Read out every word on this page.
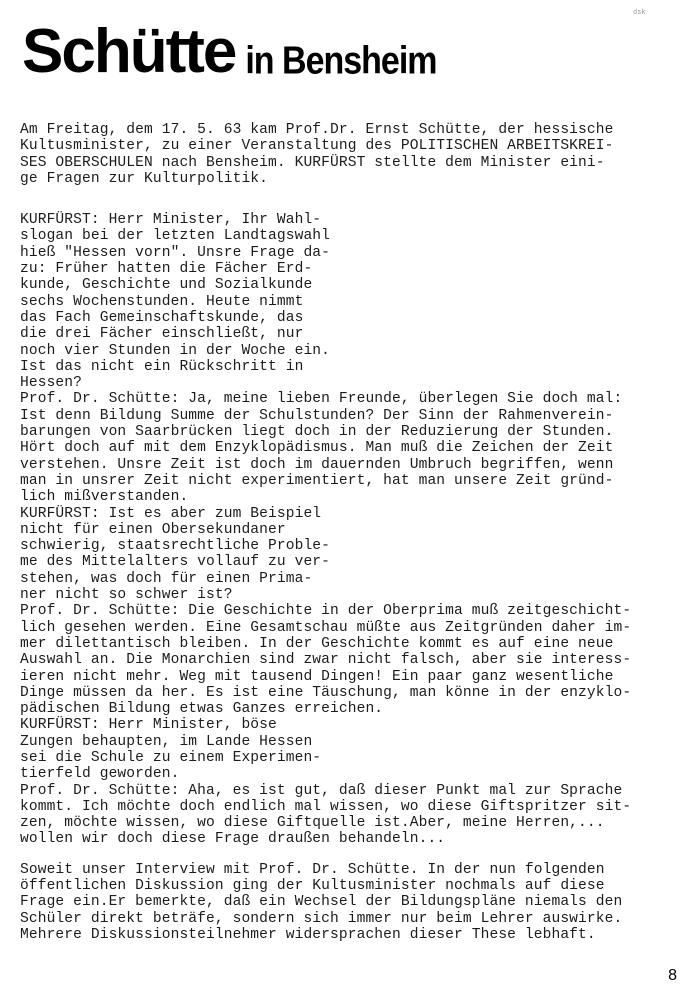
Schütte in Bensheim
dsk
Am Freitag, dem 17. 5. 63 kam Prof.Dr. Ernst Schütte, der hessische
Kultusminister, zu einer Veranstaltung des POLITISCHEN ARBEITSKREI-
SES OBERSCHULEN nach Bensheim. KURFÜRST stellte dem Minister eini-
ge Fragen zur Kulturpolitik.
KURFÜRST: Herr Minister, Ihr Wahl-
slogan bei der letzten Landtagswahl
hieß "Hessen vorn". Unsre Frage da-
zu: Früher hatten die Fächer Erd-
kunde, Geschichte und Sozialkunde
sechs Wochenstunden. Heute nimmt
das Fach Gemeinschaftskunde, das
die drei Fächer einschließt, nur
noch vier Stunden in der Woche ein.
Ist das nicht ein Rückschritt in
Hessen?
Prof. Dr. Schütte: Ja, meine lieben Freunde, überlegen Sie doch mal:
Ist denn Bildung Summe der Schulstunden? Der Sinn der Rahmenverein-
barungen von Saarbrücken liegt doch in der Reduzierung der Stunden.
Hört doch auf mit dem Enzyklopädismus. Man muß die Zeichen der Zeit
verstehen. Unsre Zeit ist doch im dauernden Umbruch begriffen, wenn
man in unsrer Zeit nicht experimentiert, hat man unsere Zeit gründ-
lich mißverstanden.
KURFÜRST: Ist es aber zum Beispiel
nicht für einen Obersekundaner
schwierig, staatsrechtliche Proble-
me des Mittelalters vollauf zu ver-
stehen, was doch für einen Prima-
ner nicht so schwer ist?
Prof. Dr. Schütte: Die Geschichte in der Oberprima muß zeitgeschicht-
lich gesehen werden. Eine Gesamtschau müßte aus Zeitgründen daher im-
mer dilettantisch bleiben. In der Geschichte kommt es auf eine neue
Auswahl an. Die Monarchien sind zwar nicht falsch, aber sie interess-
ieren nicht mehr. Weg mit tausend Dingen! Ein paar ganz wesentliche
Dinge müssen da her. Es ist eine Täuschung, man könne in der enzyklo-
pädischen Bildung etwas Ganzes erreichen.
KURFÜRST: Herr Minister, böse
Zungen behaupten, im Lande Hessen
sei die Schule zu einem Experimen-
tierfeld geworden.
Prof. Dr. Schütte: Aha, es ist gut, daß dieser Punkt mal zur Sprache
kommt. Ich möchte doch endlich mal wissen, wo diese Giftspritzer sit-
zen, möchte wissen, wo diese Giftquelle ist.Aber, meine Herren,...
wollen wir doch diese Frage draußen behandeln...
Soweit unser Interview mit Prof. Dr. Schütte. In der nun folgenden
öffentlichen Diskussion ging der Kultusminister nochmals auf diese
Frage ein.Er bemerkte, daß ein Wechsel der Bildungspläne niemals den
Schüler direkt beträfe, sondern sich immer nur beim Lehrer auswirke.
Mehrere Diskussionsteilnehmer widersprachen dieser These lebhaft.
8
